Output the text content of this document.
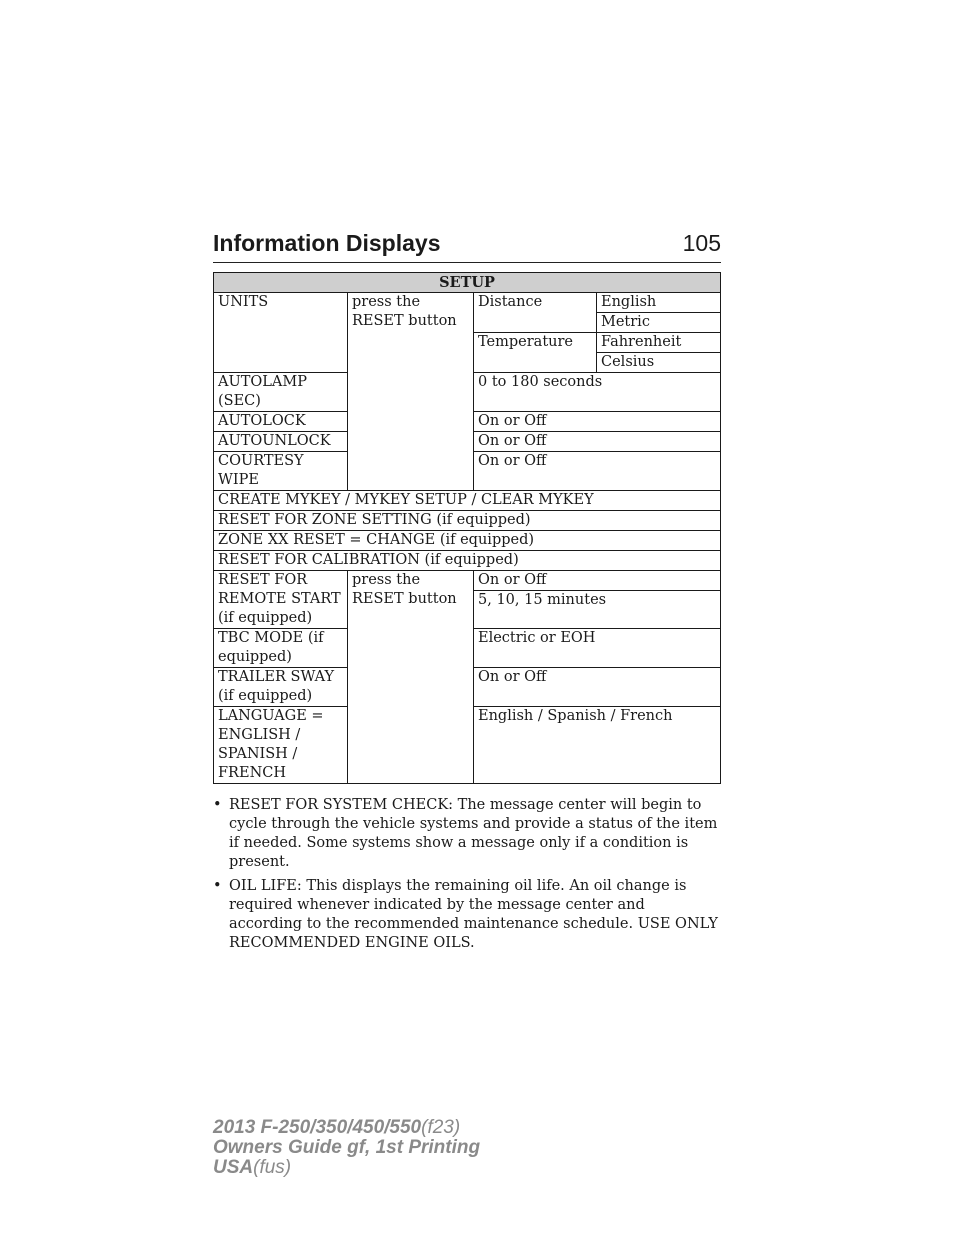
Information Displays	105
SETUP			
UNITS	press the RESET button	Distance	English
			Metric
		Temperature	Fahrenheit
			Celsius
AUTOLAMP (SEC)		0 to 180 seconds	
AUTOLOCK		On or Off	
AUTOUNLOCK		On or Off	
COURTESY WIPE		On or Off	
CREATE MYKEY / MYKEY SETUP / CLEAR MYKEY			
RESET FOR ZONE SETTING (if equipped)			
ZONE XX RESET = CHANGE (if equipped)			
RESET FOR CALIBRATION (if equipped)			
RESET FOR REMOTE START (if equipped)	press the RESET button	On or Off	
		5, 10, 15 minutes	
TBC MODE (if equipped)		Electric or EOH	
TRAILER SWAY (if equipped)		On or Off	
LANGUAGE = ENGLISH / SPANISH / FRENCH		English / Spanish / French	
• RESET FOR SYSTEM CHECK: The message center will begin to cycle through the vehicle systems and provide a status of the item if needed. Some systems show a message only if a condition is present.
• OIL LIFE: This displays the remaining oil life. An oil change is required whenever indicated by the message center and according to the recommended maintenance schedule. USE ONLY RECOMMENDED ENGINE OILS.
2013 F-250/350/450/550(f23)
Owners Guide gf, 1st Printing
USA(fus)
